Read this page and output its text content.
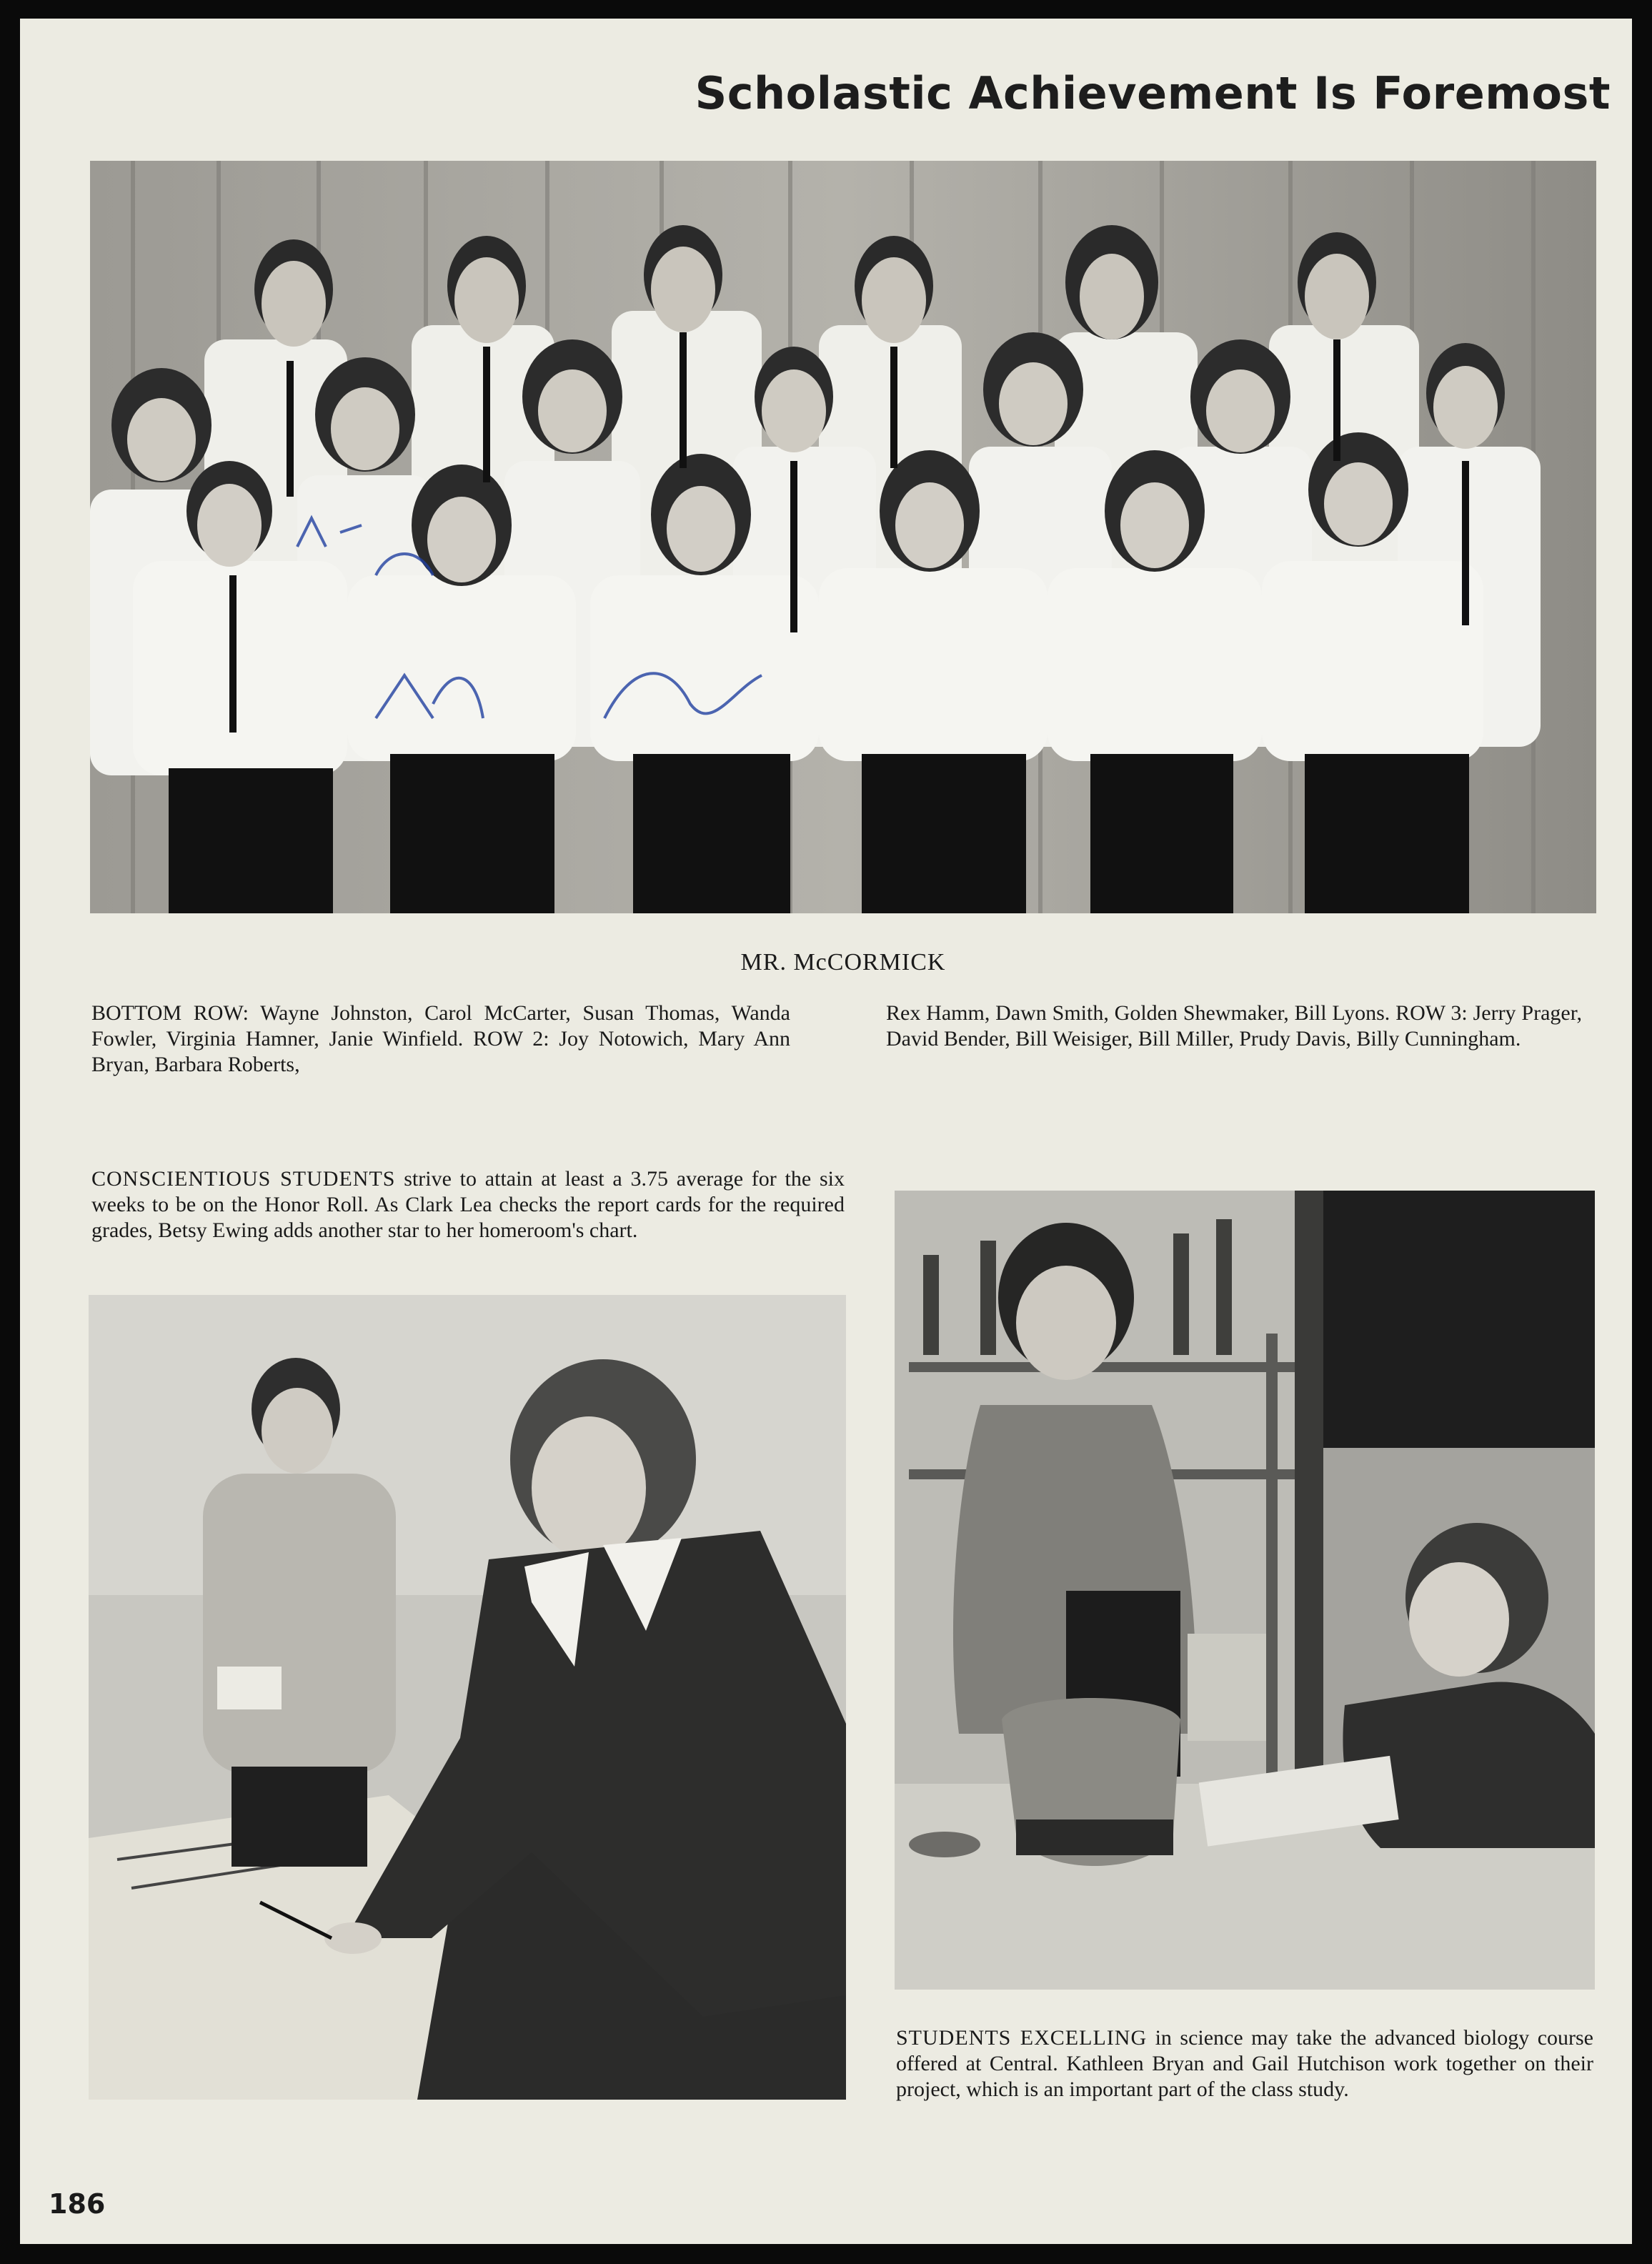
Scholastic Achievement Is Foremost
MR. McCORMICK
BOTTOM ROW: Wayne Johnston, Carol McCarter, Susan Thomas, Wanda Fowler, Virginia Hamner, Janie Winfield. ROW 2: Joy Notowich, Mary Ann Bryan, Barbara Roberts,
Rex Hamm, Dawn Smith, Golden Shewmaker, Bill Lyons. ROW 3: Jerry Prager, David Bender, Bill Weisiger, Bill Miller, Prudy Davis, Billy Cunningham.
CONSCIENTIOUS STUDENTS strive to attain at least a 3.75 average for the six weeks to be on the Honor Roll. As Clark Lea checks the report cards for the required grades, Betsy Ewing adds another star to her homeroom's chart.
STUDENTS EXCELLING in science may take the advanced biology course offered at Central. Kathleen Bryan and Gail Hutchison work together on their project, which is an important part of the class study.
186
